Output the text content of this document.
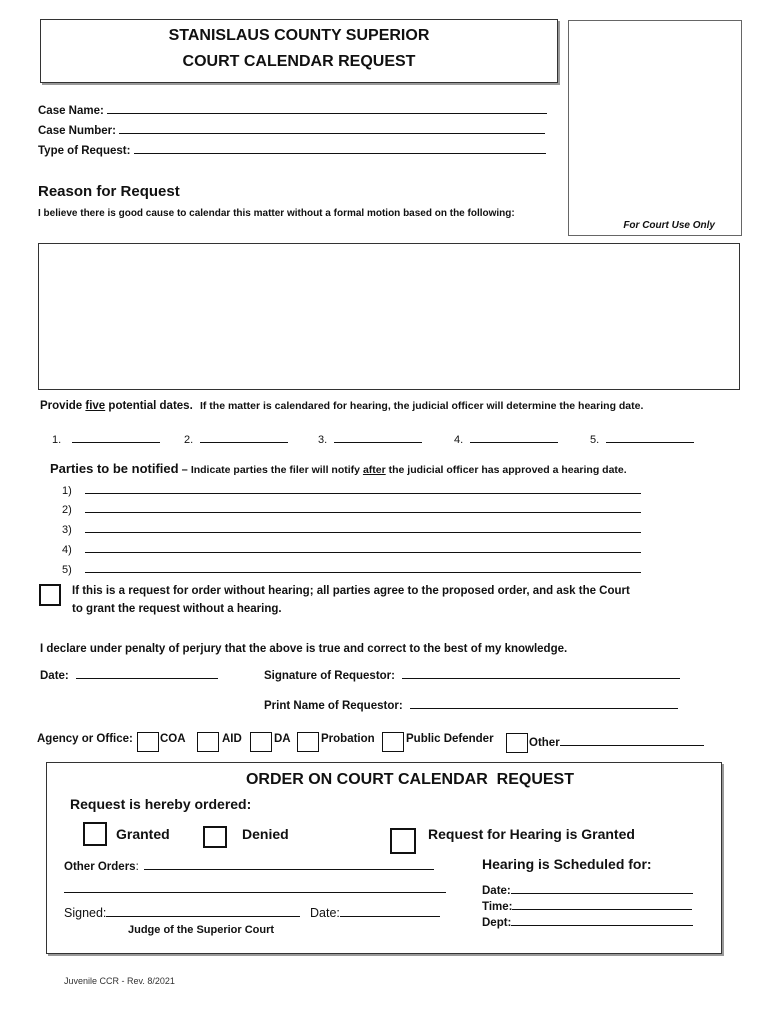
STANISLAUS COUNTY SUPERIOR
COURT CALENDAR REQUEST
For Court Use Only
Case Name:
Case Number:
Type of Request:
Reason for Request
I believe there is good cause to calendar this matter without a formal motion based on the following:
Provide five potential dates. If the matter is calendared for hearing, the judicial officer will determine the hearing date.
1.	2.	3.	4.	5.
Parties to be notified – Indicate parties the filer will notify after the judicial officer has approved a hearing date.
1)
2)
3)
4)
5)
If this is a request for order without hearing; all parties agree to the proposed order, and ask the Court
to grant the request without a hearing.
I declare under penalty of perjury that the above is true and correct to the best of my knowledge.
Date:	Signature of Requestor:
Print Name of Requestor:
Agency or Office: COA	AID	DA	Probation	Public Defender	Other
ORDER ON COURT CALENDAR  REQUEST
Request is hereby ordered:
Granted	Denied	Request for Hearing is Granted
Other Orders:	Hearing is Scheduled for:
Date:
Time:
Dept:
Signed:	Date:
Judge of the Superior Court
Juvenile CCR - Rev. 8/2021
